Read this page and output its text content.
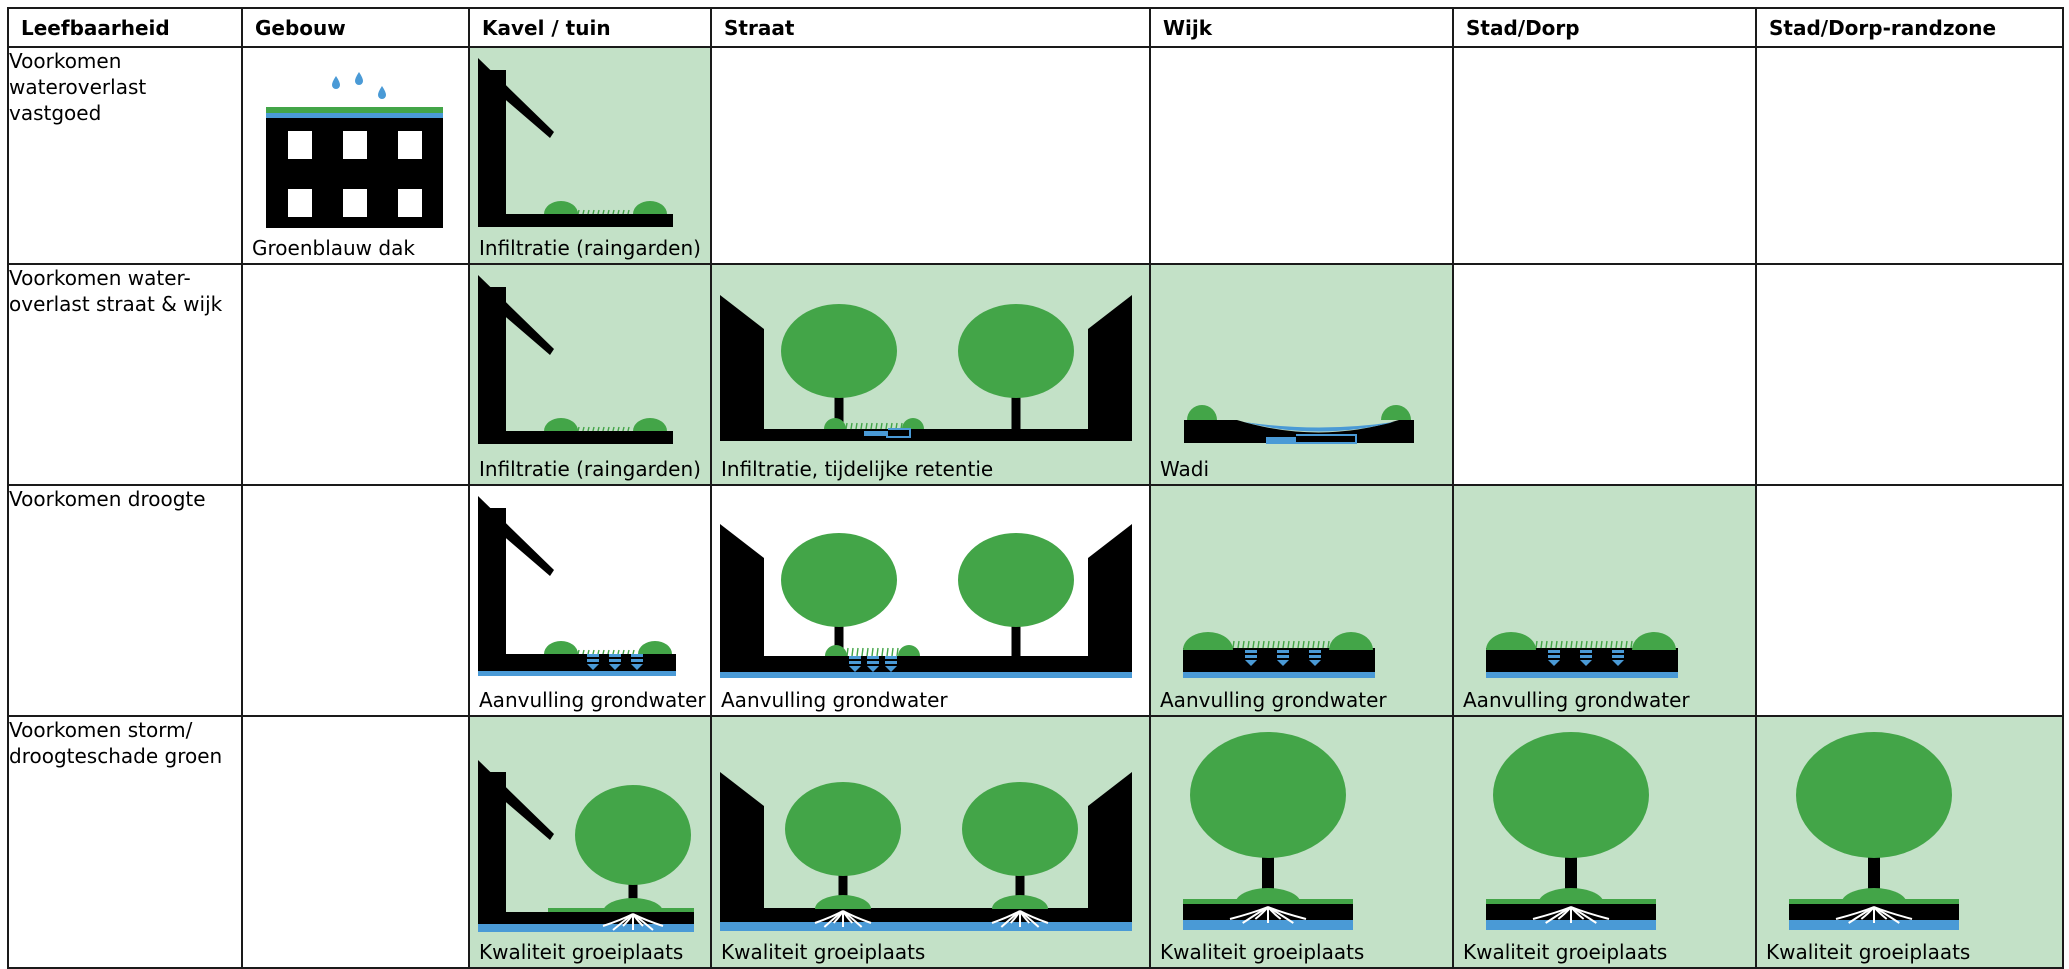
Leefbaarheid	Gebouw	Kavel / tuin	Straat	Wijk	Stad/Dorp	Stad/Dorp-randzone
Voorkomen
wateroverlast
vastgoed	Groenblauw dak	Infiltratie (raingarden)				

Voorkomen water-
overlast straat & wijk		Infiltratie (raingarden)	Infiltratie, tijdelijke retentie	Wadi		

Voorkomen droogte		Aanvulling grondwater	Aanvulling grondwater	Aanvulling grondwater	Aanvulling grondwater	

Voorkomen storm/
droogteschade groen		Kwaliteit groeiplaats	Kwaliteit groeiplaats	Kwaliteit groeiplaats	Kwaliteit groeiplaats	Kwaliteit groeiplaats
